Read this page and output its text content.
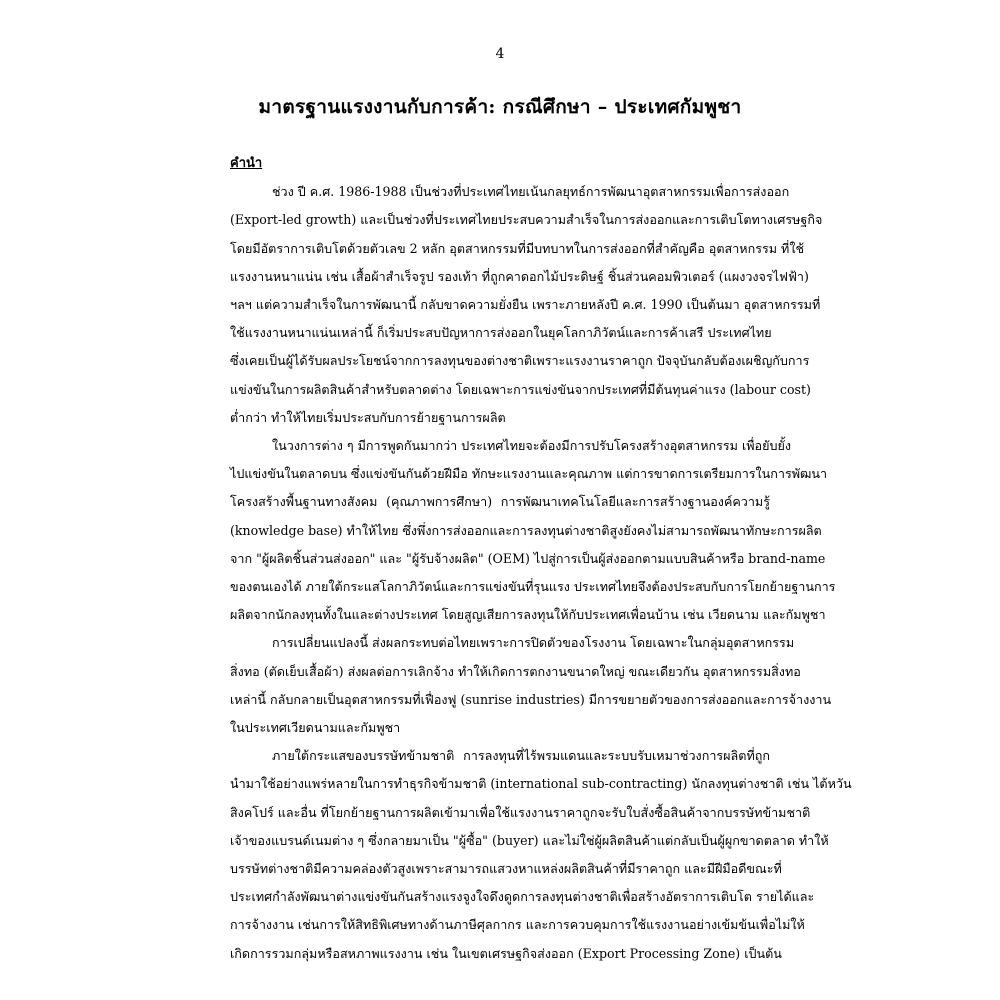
4
มาตรฐานแรงงานกับการค้า: กรณีศึกษา – ประเทศกัมพูชา

คำนำ

ช่วง ปี ค.ศ. 1986-1988 เป็นช่วงที่ประเทศไทยเน้นกลยุทธ์การพัฒนาอุตสาหกรรมเพื่อการส่งออก
(Export-led growth) และเป็นช่วงที่ประเทศไทยประสบความสำเร็จในการส่งออกและการเติบโตทางเศรษฐกิจ
โดยมีอัตราการเติบโตด้วยตัวเลข 2 หลัก อุตสาหกรรมที่มีบทบาทในการส่งออกที่สำคัญคือ อุตสาหกรรม ที่ใช้
แรงงานหนาแน่น เช่น เสื้อผ้าสำเร็จรูป รองเท้า ที่ถูกคาดอกไม้ประดิษฐ์ ชิ้นส่วนคอมพิวเตอร์ (แผงวงจรไฟฟ้า)
ฯลฯ แต่ความสำเร็จในการพัฒนานี้ กลับขาดความยั่งยืน เพราะภายหลังปี ค.ศ. 1990 เป็นต้นมา อุตสาหกรรมที่
ใช้แรงงานหนาแน่นเหล่านี้ ก็เริ่มประสบปัญหาการส่งออกในยุคโลกาภิวัตน์และการค้าเสรี ประเทศไทย
ซึ่งเคยเป็นผู้ได้รับผลประโยชน์จากการลงทุนของต่างชาติเพราะแรงงานราคาถูก ปัจจุบันกลับต้องเผชิญกับการ
แข่งขันในการผลิตสินค้าสำหรับตลาดต่าง โดยเฉพาะการแข่งขันจากประเทศที่มีต้นทุนค่าแรง (labour cost)
ต่ำกว่า ทำให้ไทยเริ่มประสบกับการย้ายฐานการผลิต
ในวงการต่าง ๆ มีการพูดกันมากว่า ประเทศไทยจะต้องมีการปรับโครงสร้างอุตสาหกรรม เพื่อยับยั้ง
ไปแข่งขันในตลาดบน ซึ่งแข่งขันกันด้วยฝีมือ ทักษะแรงงานและคุณภาพ แต่การขาดการเตรียมการในการพัฒนา
โครงสร้างพื้นฐานทางสังคม (คุณภาพการศึกษา) การพัฒนาเทคโนโลยีและการสร้างฐานองค์ความรู้
(knowledge base) ทำให้ไทย ซึ่งพึ่งการส่งออกและการลงทุนต่างชาติสูงยังคงไม่สามารถพัฒนาทักษะการผลิต
จาก "ผู้ผลิตชิ้นส่วนส่งออก" และ "ผู้รับจ้างผลิต" (OEM) ไปสู่การเป็นผู้ส่งออกตามแบบสินค้าหรือ brand-name
ของตนเองได้ ภายใต้กระแสโลกาภิวัตน์และการแข่งขันที่รุนแรง ประเทศไทยจึงต้องประสบกับการโยกย้ายฐานการ
ผลิตจากนักลงทุนทั้งในและต่างประเทศ โดยสูญเสียการลงทุนให้กับประเทศเพื่อนบ้าน เช่น เวียดนาม และกัมพูชา
การเปลี่ยนแปลงนี้ ส่งผลกระทบต่อไทยเพราะการปิดตัวของโรงงาน โดยเฉพาะในกลุ่มอุตสาหกรรม
สิ่งทอ (ตัดเย็บเสื้อผ้า) ส่งผลต่อการเลิกจ้าง ทำให้เกิดการตกงานขนาดใหญ่ ขณะเดียวกัน อุตสาหกรรมสิ่งทอ
เหล่านี้ กลับกลายเป็นอุตสาหกรรมที่เฟื่องฟู (sunrise industries) มีการขยายตัวของการส่งออกและการจ้างงาน
ในประเทศเวียดนามและกัมพูชา
ภายใต้กระแสของบรรษัทข้ามชาติ การลงทุนที่ไร้พรมแดนและระบบรับเหมาช่วงการผลิตที่ถูก
นำมาใช้อย่างแพร่หลายในการทำธุรกิจข้ามชาติ (international sub-contracting) นักลงทุนต่างชาติ เช่น ไต้หวัน
สิงคโปร์ และอื่น ที่โยกย้ายฐานการผลิตเข้ามาเพื่อใช้แรงงานราคาถูกจะรับใบสั่งซื้อสินค้าจากบรรษัทข้ามชาติ
เจ้าของแบรนด์เนมต่าง ๆ ซึ่งกลายมาเป็น "ผู้ซื้อ" (buyer) และไม่ใช่ผู้ผลิตสินค้าแต่กลับเป็นผู้ผูกขาดตลาด ทำให้
บรรษัทต่างชาติมีความคล่องตัวสูงเพราะสามารถแสวงหาแหล่งผลิตสินค้าที่มีราคาถูก และมีฝีมือดีขณะที่
ประเทศกำลังพัฒนาต่างแข่งขันกันสร้างแรงจูงใจดึงดูดการลงทุนต่างชาติเพื่อสร้างอัตราการเติบโต รายได้และ
การจ้างงาน เช่นการให้สิทธิพิเศษทางด้านภาษีศุลกากร และการควบคุมการใช้แรงงานอย่างเข้มข้นเพื่อไม่ให้
เกิดการรวมกลุ่มหรือสหภาพแรงงาน เช่น ในเขตเศรษฐกิจส่งออก (Export Processing Zone) เป็นต้น
